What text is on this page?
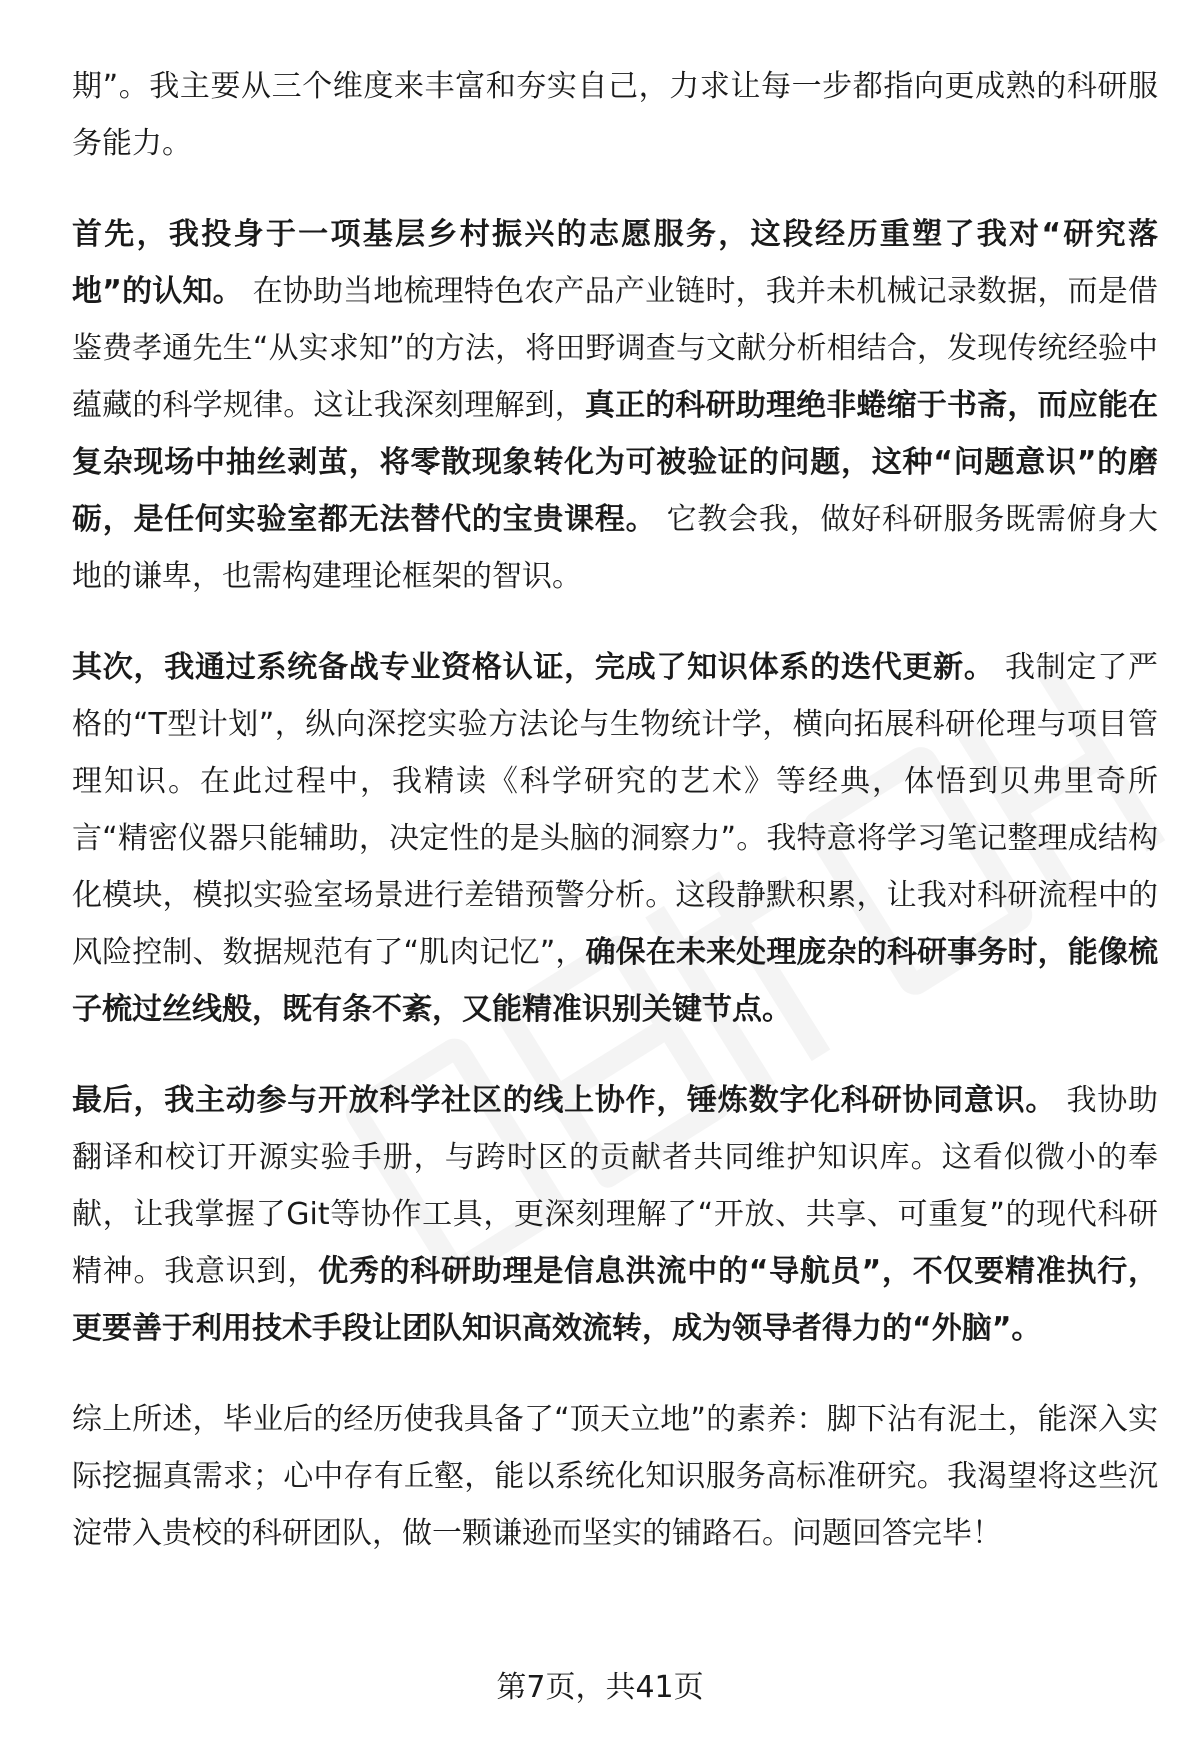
期”。我主要从三个维度来丰富和夯实自己，力求让每一步都指向更成熟的科研服务能力。

首先，我投身于一项基层乡村振兴的志愿服务，这段经历重塑了我对“研究落地”的认知。 在协助当地梳理特色农产品产业链时，我并未机械记录数据，而是借鉴费孝通先生“从实求知”的方法，将田野调查与文献分析相结合，发现传统经验中蕴藏的科学规律。这让我深刻理解到，真正的科研助理绝非蜷缩于书斋，而应能在复杂现场中抽丝剥茧，将零散现象转化为可被验证的问题，这种“问题意识”的磨砺，是任何实验室都无法替代的宝贵课程。 它教会我，做好科研服务既需俯身大地的谦卑，也需构建理论框架的智识。

其次，我通过系统备战专业资格认证，完成了知识体系的迭代更新。 我制定了严格的“T型计划”，纵向深挖实验方法论与生物统计学，横向拓展科研伦理与项目管理知识。在此过程中，我精读《科学研究的艺术》等经典，体悟到贝弗里奇所言“精密仪器只能辅助，决定性的是头脑的洞察力”。我特意将学习笔记整理成结构化模块，模拟实验室场景进行差错预警分析。这段静默积累，让我对科研流程中的风险控制、数据规范有了“肌肉记忆”，确保在未来处理庞杂的科研事务时，能像梳子梳过丝线般，既有条不紊，又能精准识别关键节点。

最后，我主动参与开放科学社区的线上协作，锤炼数字化科研协同意识。 我协助翻译和校订开源实验手册，与跨时区的贡献者共同维护知识库。这看似微小的奉献，让我掌握了Git等协作工具，更深刻理解了“开放、共享、可重复”的现代科研精神。我意识到，优秀的科研助理是信息洪流中的“导航员”，不仅要精准执行，更要善于利用技术手段让团队知识高效流转，成为领导者得力的“外脑”。

综上所述，毕业后的经历使我具备了“顶天立地”的素养：脚下沾有泥土，能深入实际挖掘真需求；心中存有丘壑，能以系统化知识服务高标准研究。我渴望将这些沉淀带入贵校的科研团队，做一颗谦逊而坚实的铺路石。问题回答完毕！

第7页，共41页
